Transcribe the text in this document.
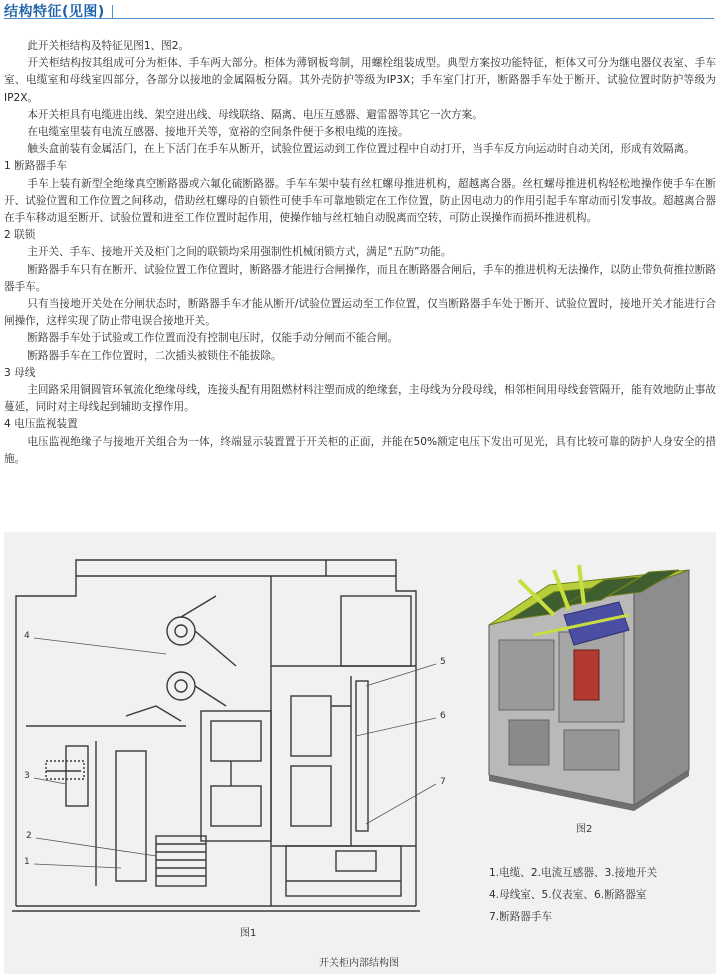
结构特征(见图)

此开关柜结构及特征见图1、图2。

开关柜结构按其组成可分为柜体、手车两大部分。柜体为薄钢板弯制，用螺栓组装成型。典型方案按功能特征，柜体又可分为继电器仪表室、手车室、电缆室和母线室四部分，各部分以接地的金属隔板分隔。其外壳防护等级为IP3X；手车室门打开，断路器手车处于断开、试验位置时防护等级为IP2X。

本开关柜具有电缆进出线、架空进出线、母线联络、隔离、电压互感器、避雷器等其它一次方案。

在电缆室里装有电流互感器、接地开关等，宽裕的空间条件便于多根电缆的连接。

触头盒前装有金属活门，在上下活门在手车从断开，试验位置运动到工作位置过程中自动打开，当手车反方向运动时自动关闭，形成有效隔离。

1 断路器手车

手车上装有新型全绝缘真空断路器或六氟化硫断路器。手车车架中装有丝杠螺母推进机构，超越离合器。丝杠螺母推进机构轻松地操作使手车在断开、试验位置和工作位置之间移动，借助丝杠螺母的自锁性可使手车可靠地锁定在工作位置，防止因电动力的作用引起手车窜动而引发事故。超越离合器在手车移动退至断开、试验位置和进至工作位置时起作用，使操作轴与丝杠轴自动脱离而空转，可防止误操作而损坏推进机构。

2 联锁

主开关、手车、接地开关及柜门之间的联锁均采用强制性机械闭锁方式，满足“五防”功能。

断路器手车只有在断开、试验位置工作位置时，断路器才能进行合闸操作，而且在断路器合闸后，手车的推进机构无法操作，以防止带负荷推拉断路器手车。

只有当接地开关处在分闸状态时，断路器手车才能从断开/试验位置运动至工作位置，仅当断路器手车处于断开、试验位置时，接地开关才能进行合闸操作，这样实现了防止带电误合接地开关。

断路器手车处于试验或工作位置而没有控制电压时，仅能手动分闸而不能合闸。

断路器手车在工作位置时，二次插头被锁住不能拔除。

3 母线

主回路采用铜圆管环氧流化绝缘母线，连接头配有用阻燃材料注塑而成的绝缘套，主母线为分段母线，相邻柜间用母线套管隔开，能有效地防止事故蔓延，同时对主母线起到辅助支撑作用。

4 电压监视装置

电压监视绝缘子与接地开关组合为一体，终端显示装置置于开关柜的正面，并能在50%额定电压下发出可见光，具有比较可靠的防护人身安全的措施。

4
3
2
1
5
6
7
图1
图2
1.电缆、2.电流互感器、3.接地开关
4.母线室、5.仪表室、6.断路器室
7.断路器手车
开关柜内部结构图
